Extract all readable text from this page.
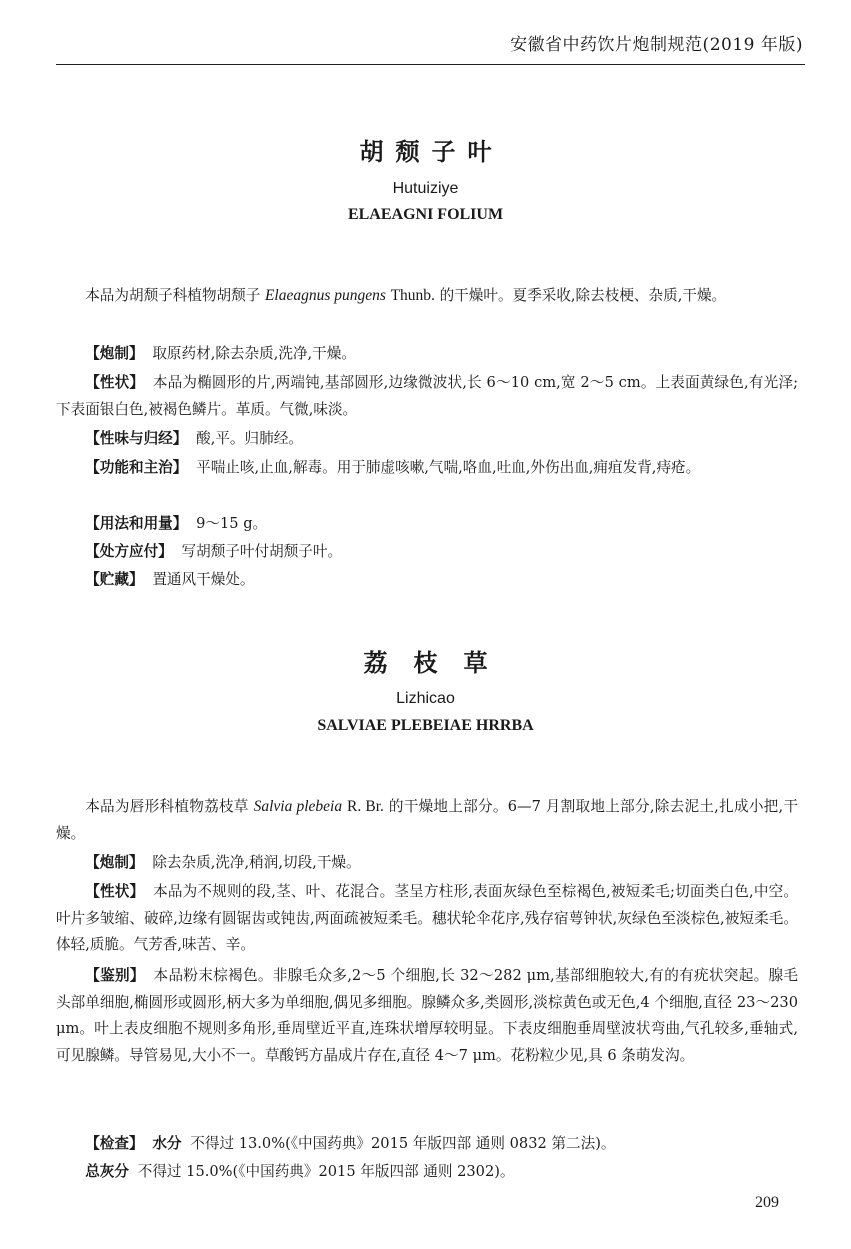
安徽省中药饮片炮制规范(2019 年版)
胡颓子叶
Hutuiziye
ELAEAGNI FOLIUM

本品为胡颓子科植物胡颓子 Elaeagnus pungens Thunb. 的干燥叶。夏季采收,除去枝梗、杂质,干燥。

【炮制】 取原药材,除去杂质,洗净,干燥。

【性状】 本品为椭圆形的片,两端钝,基部圆形,边缘微波状,长 6～10 cm,宽 2～5 cm。上表面黄绿色,有光泽;下表面银白色,被褐色鳞片。革质。气微,味淡。

【性味与归经】 酸,平。归肺经。

【功能和主治】 平喘止咳,止血,解毒。用于肺虚咳嗽,气喘,咯血,吐血,外伤出血,痈疽发背,痔疮。

【用法和用量】 9～15 g。

【处方应付】 写胡颓子叶付胡颓子叶。

【贮藏】 置通风干燥处。

荔枝草
Lizhicao
SALVIAE PLEBEIAE HRRBA

本品为唇形科植物荔枝草 Salvia plebeia R. Br. 的干燥地上部分。6—7 月割取地上部分,除去泥土,扎成小把,干燥。

【炮制】 除去杂质,洗净,稍润,切段,干燥。

【性状】 本品为不规则的段,茎、叶、花混合。茎呈方柱形,表面灰绿色至棕褐色,被短柔毛;切面类白色,中空。叶片多皱缩、破碎,边缘有圆锯齿或钝齿,两面疏被短柔毛。穗状轮伞花序,残存宿萼钟状,灰绿色至淡棕色,被短柔毛。体轻,质脆。气芳香,味苦、辛。

【鉴别】 本品粉末棕褐色。非腺毛众多,2～5 个细胞,长 32～282 μm,基部细胞较大,有的有疣状突起。腺毛头部单细胞,椭圆形或圆形,柄大多为单细胞,偶见多细胞。腺鳞众多,类圆形,淡棕黄色或无色,4 个细胞,直径 23～230 μm。叶上表皮细胞不规则多角形,垂周壁近平直,连珠状增厚较明显。下表皮细胞垂周壁波状弯曲,气孔较多,垂轴式,可见腺鳞。导管易见,大小不一。草酸钙方晶成片存在,直径 4～7 μm。花粉粒少见,具 6 条萌发沟。

【检查】 水分 不得过 13.0%(《中国药典》2015 年版四部 通则 0832 第二法)。

总灰分 不得过 15.0%(《中国药典》2015 年版四部 通则 2302)。

209
